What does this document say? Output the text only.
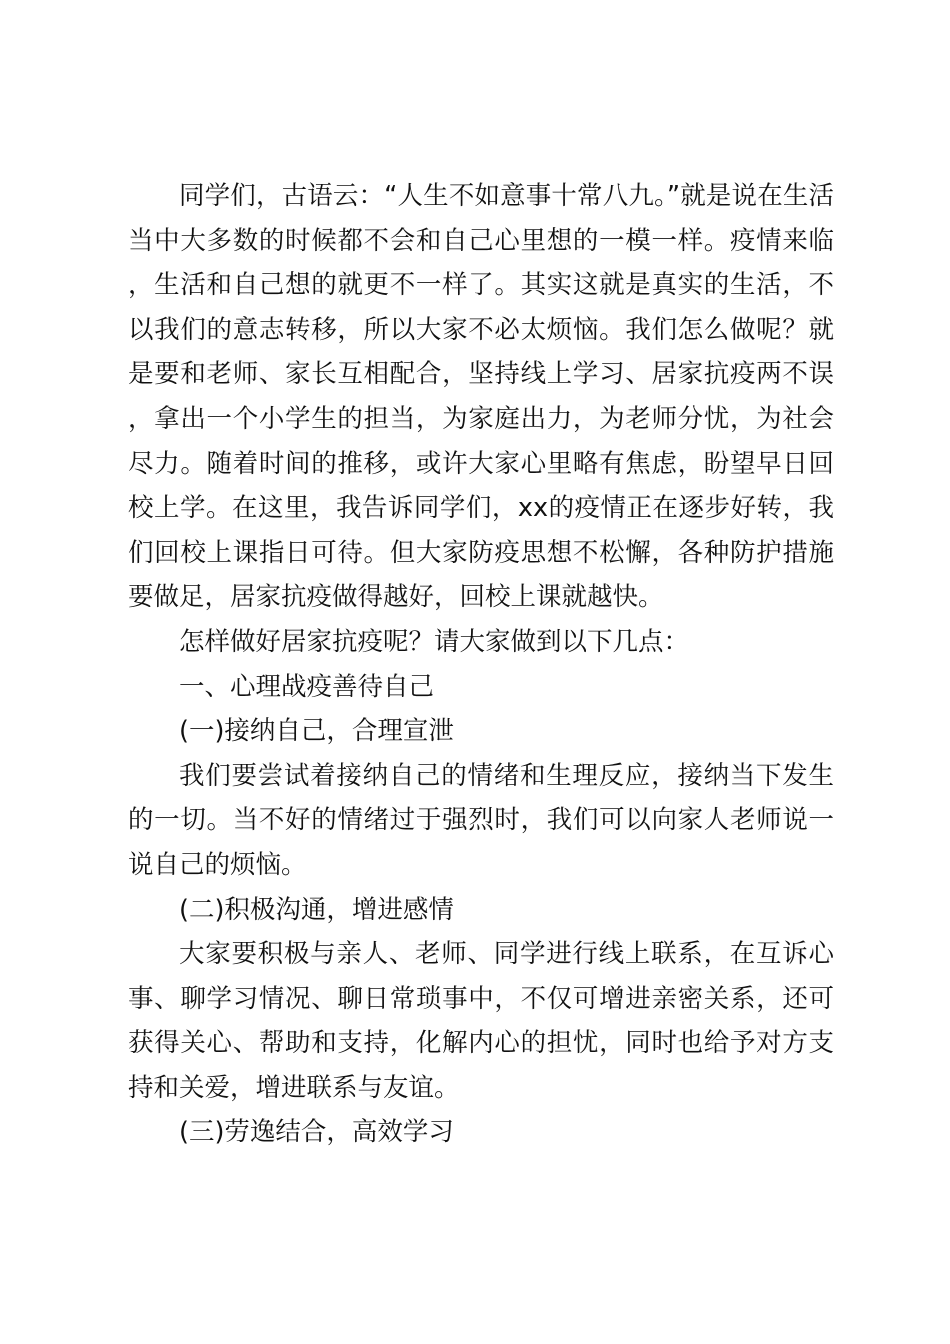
同学们，古语云：“人生不如意事十常八九。”就是说在生活当中大多数的时候都不会和自己心里想的一模一样。疫情来临，生活和自己想的就更不一样了。其实这就是真实的生活，不以我们的意志转移，所以大家不必太烦恼。我们怎么做呢？就是要和老师、家长互相配合，坚持线上学习、居家抗疫两不误，拿出一个小学生的担当，为家庭出力，为老师分忧，为社会尽力。随着时间的推移，或许大家心里略有焦虑，盼望早日回校上学。在这里，我告诉同学们，xx的疫情正在逐步好转，我们回校上课指日可待。但大家防疫思想不松懈，各种防护措施要做足，居家抗疫做得越好，回校上课就越快。

怎样做好居家抗疫呢？请大家做到以下几点：

一、心理战疫善待自己

(一)接纳自己，合理宣泄

我们要尝试着接纳自己的情绪和生理反应，接纳当下发生的一切。当不好的情绪过于强烈时，我们可以向家人老师说一说自己的烦恼。

(二)积极沟通，增进感情

大家要积极与亲人、老师、同学进行线上联系，在互诉心事、聊学习情况、聊日常琐事中，不仅可增进亲密关系，还可获得关心、帮助和支持，化解内心的担忧，同时也给予对方支持和关爱，增进联系与友谊。

(三)劳逸结合，高效学习
